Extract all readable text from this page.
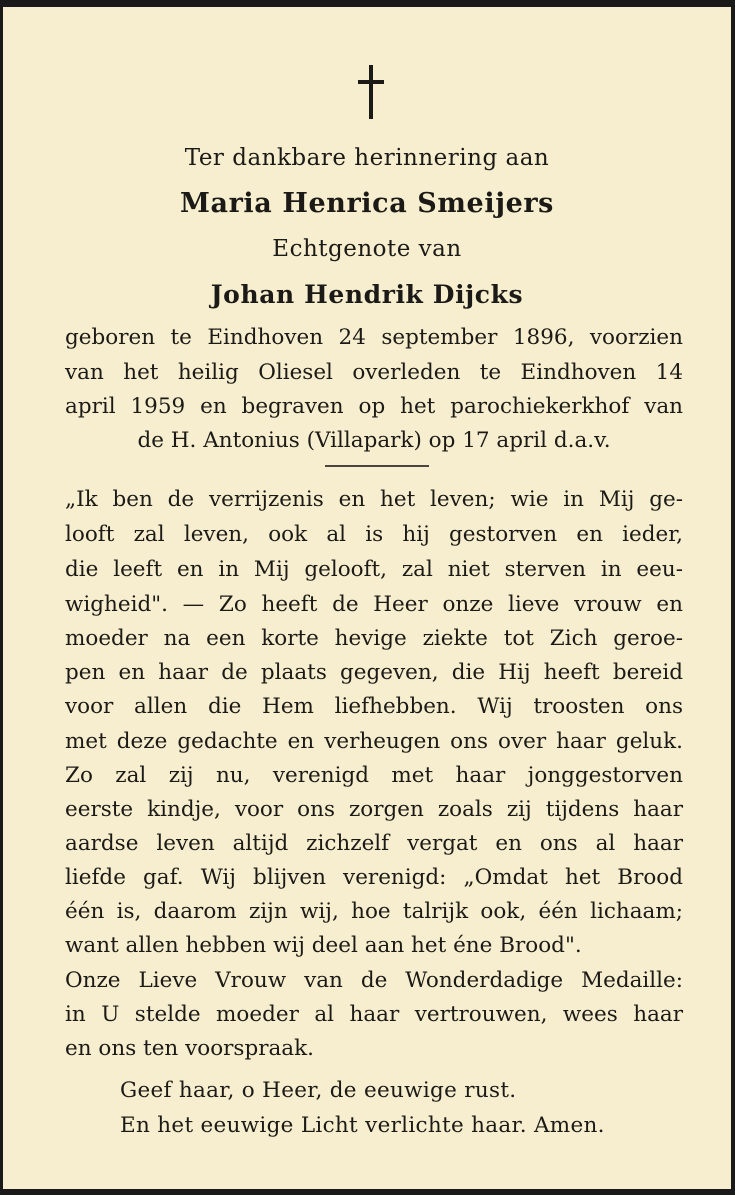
Ter dankbare herinnering aan
Maria Henrica Smeijers
Echtgenote van
Johan Hendrik Dijcks
geboren te Eindhoven 24 september 1896, voorzien
van het heilig Oliesel overleden te Eindhoven 14
april 1959 en begraven op het parochiekerkhof van
de H. Antonius (Villapark) op 17 april d.a.v.
„Ik ben de verrijzenis en het leven; wie in Mij ge-
looft zal leven, ook al is hij gestorven en ieder,
die leeft en in Mij gelooft, zal niet sterven in eeu-
wigheid". — Zo heeft de Heer onze lieve vrouw en
moeder na een korte hevige ziekte tot Zich geroe-
pen en haar de plaats gegeven, die Hij heeft bereid
voor allen die Hem liefhebben. Wij troosten ons
met deze gedachte en verheugen ons over haar geluk.
Zo zal zij nu, verenigd met haar jonggestorven
eerste kindje, voor ons zorgen zoals zij tijdens haar
aardse leven altijd zichzelf vergat en ons al haar
liefde gaf. Wij blijven verenigd: „Omdat het Brood
één is, daarom zijn wij, hoe talrijk ook, één lichaam;
want allen hebben wij deel aan het éne Brood".
Onze Lieve Vrouw van de Wonderdadige Medaille:
in U stelde moeder al haar vertrouwen, wees haar
en ons ten voorspraak.
Geef haar, o Heer, de eeuwige rust.
En het eeuwige Licht verlichte haar. Amen.
